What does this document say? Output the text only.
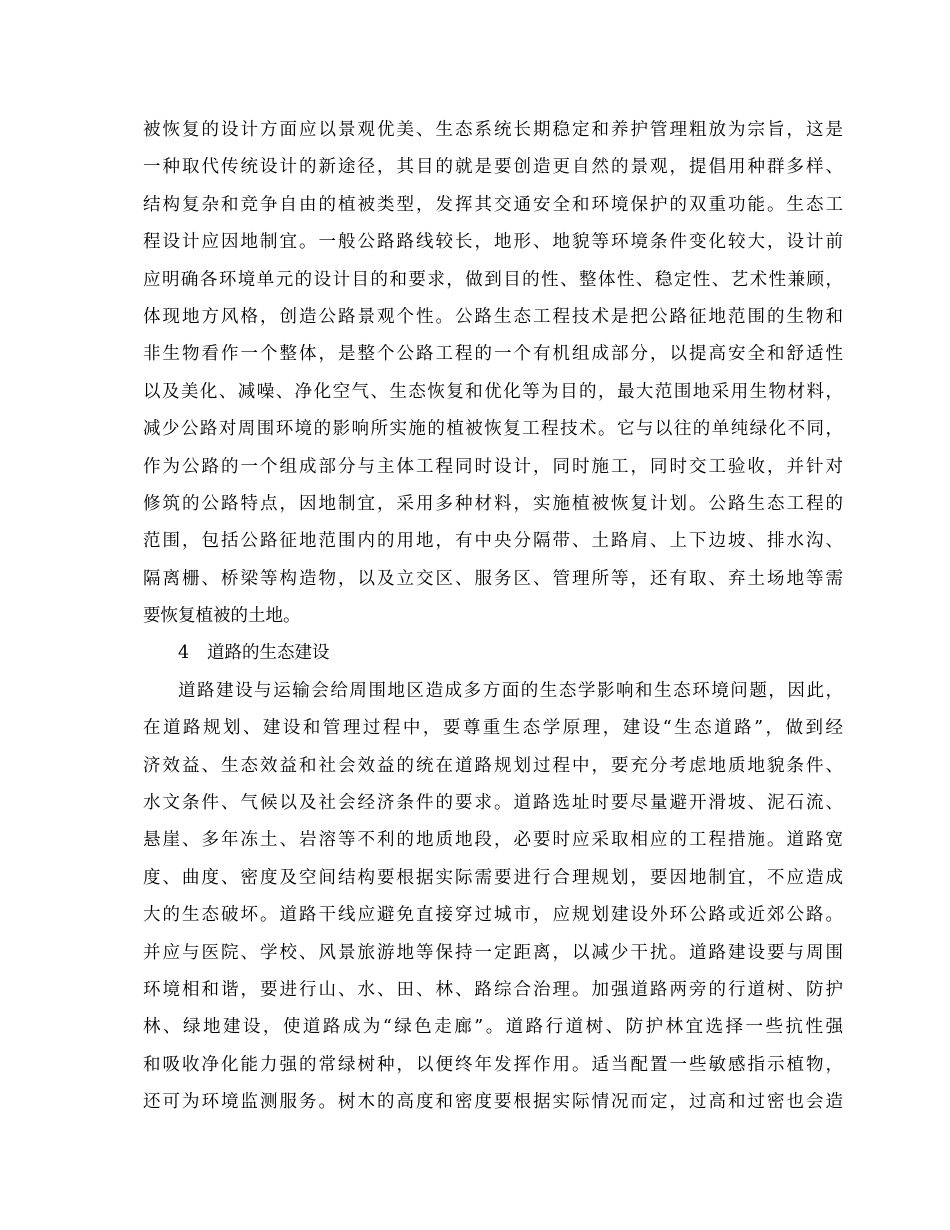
被恢复的设计方面应以景观优美、生态系统长期稳定和养护管理粗放为宗旨，这是
一种取代传统设计的新途径，其目的就是要创造更自然的景观，提倡用种群多样、
结构复杂和竞争自由的植被类型，发挥其交通安全和环境保护的双重功能。生态工
程设计应因地制宜。一般公路路线较长，地形、地貌等环境条件变化较大，设计前
应明确各环境单元的设计目的和要求，做到目的性、整体性、稳定性、艺术性兼顾，
体现地方风格，创造公路景观个性。公路生态工程技术是把公路征地范围的生物和
非生物看作一个整体，是整个公路工程的一个有机组成部分，以提高安全和舒适性
以及美化、减噪、净化空气、生态恢复和优化等为目的，最大范围地采用生物材料，
减少公路对周围环境的影响所实施的植被恢复工程技术。它与以往的单纯绿化不同，
作为公路的一个组成部分与主体工程同时设计，同时施工，同时交工验收，并针对
修筑的公路特点，因地制宜，采用多种材料，实施植被恢复计划。公路生态工程的
范围，包括公路征地范围内的用地，有中央分隔带、土路肩、上下边坡、排水沟、
隔离栅、桥梁等构造物，以及立交区、服务区、管理所等，还有取、弃土场地等需
要恢复植被的土地。
4 道路的生态建设
道路建设与运输会给周围地区造成多方面的生态学影响和生态环境问题，因此，
在道路规划、建设和管理过程中，要尊重生态学原理，建设“生态道路”，做到经
济效益、生态效益和社会效益的统在道路规划过程中，要充分考虑地质地貌条件、
水文条件、气候以及社会经济条件的要求。道路选址时要尽量避开滑坡、泥石流、
悬崖、多年冻土、岩溶等不利的地质地段，必要时应采取相应的工程措施。道路宽
度、曲度、密度及空间结构要根据实际需要进行合理规划，要因地制宜，不应造成
大的生态破坏。道路干线应避免直接穿过城市，应规划建设外环公路或近郊公路。
并应与医院、学校、风景旅游地等保持一定距离，以减少干扰。道路建设要与周围
环境相和谐，要进行山、水、田、林、路综合治理。加强道路两旁的行道树、防护
林、绿地建设，使道路成为“绿色走廊”。道路行道树、防护林宜选择一些抗性强
和吸收净化能力强的常绿树种，以便终年发挥作用。适当配置一些敏感指示植物，
还可为环境监测服务。树木的高度和密度要根据实际情况而定，过高和过密也会造
